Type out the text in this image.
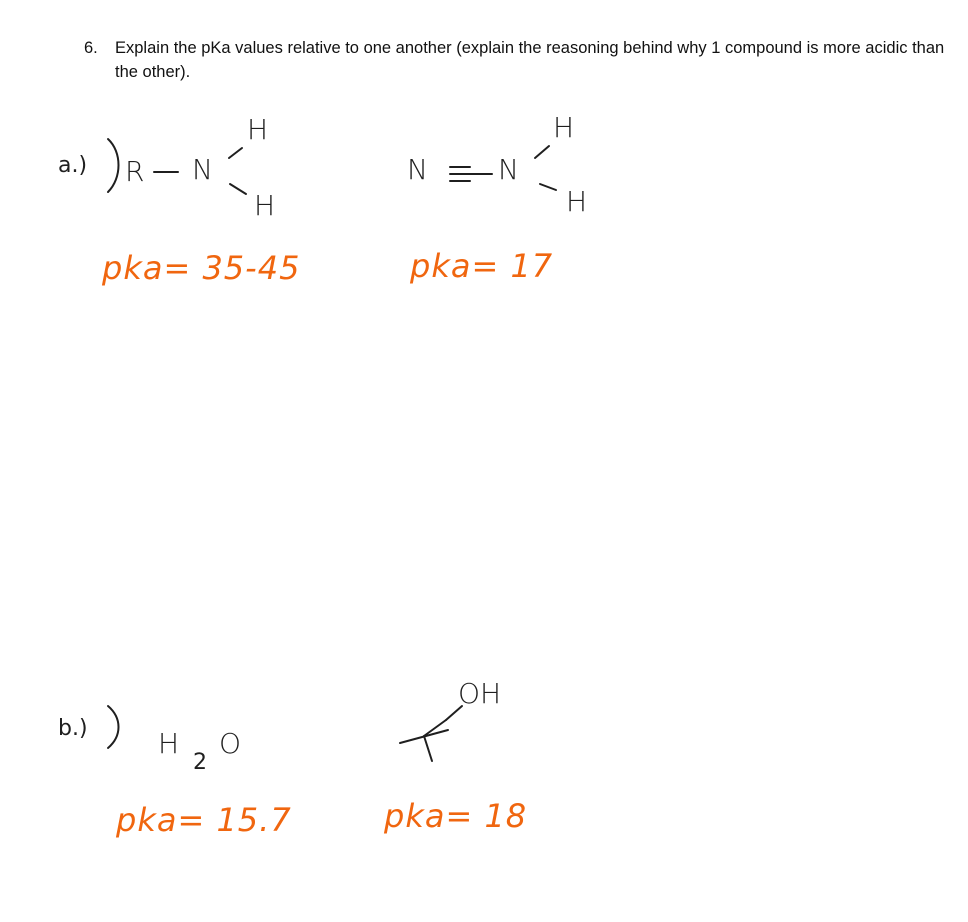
6. Explain the pKa values relative to one another (explain the reasoning behind why 1 compound is more acidic than the other).
a.) R N
H
H
pka= 35-45
N	N
H
H
pka= 17
b.)	H
2
O
pka= 15.7
OH
pka= 18
